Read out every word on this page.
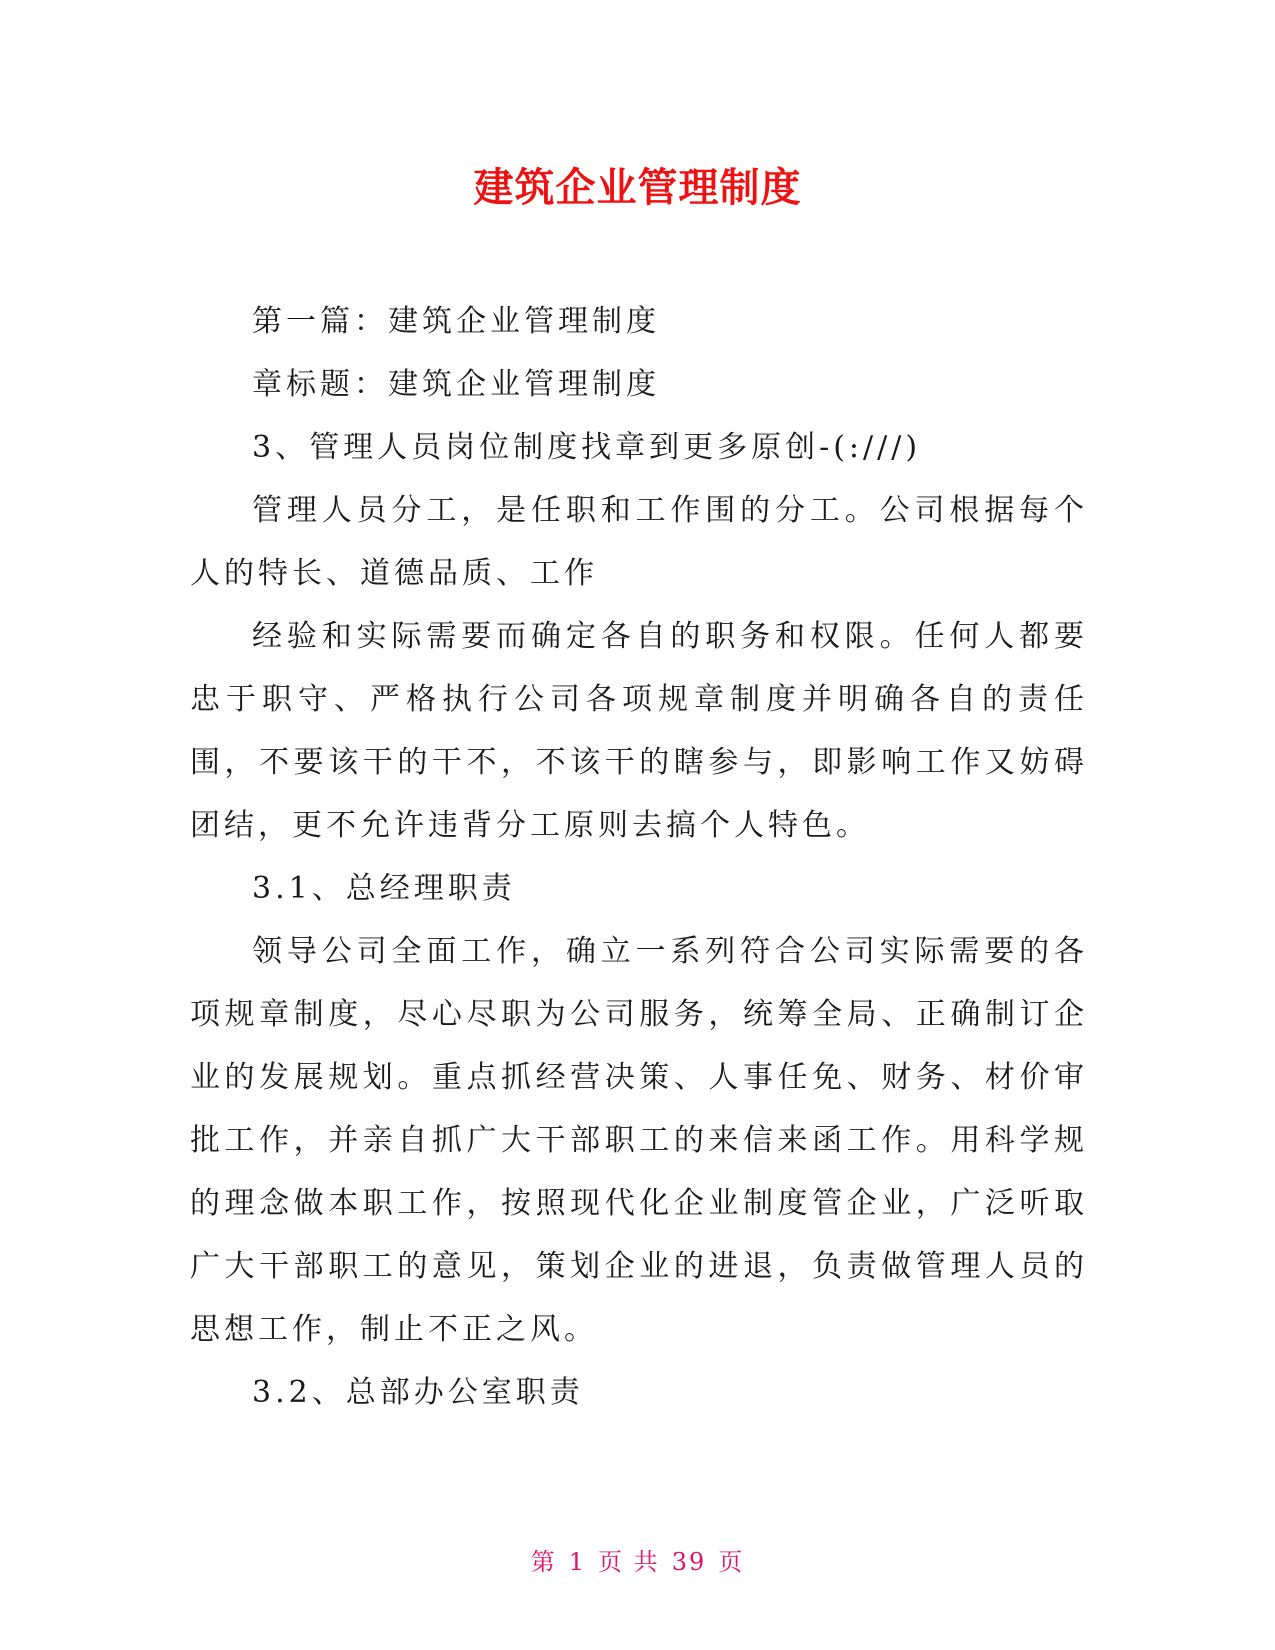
建筑企业管理制度

第一篇：建筑企业管理制度

章标题：建筑企业管理制度

3、管理人员岗位制度找章到更多原创-(:///)

管理人员分工，是任职和工作围的分工。公司根据每个人的特长、道德品质、工作

经验和实际需要而确定各自的职务和权限。任何人都要忠于职守、严格执行公司各项规章制度并明确各自的责任围，不要该干的干不，不该干的瞎参与，即影响工作又妨碍团结，更不允许违背分工原则去搞个人特色。

3.1、总经理职责

领导公司全面工作，确立一系列符合公司实际需要的各项规章制度，尽心尽职为公司服务，统筹全局、正确制订企业的发展规划。重点抓经营决策、人事任免、财务、材价审批工作，并亲自抓广大干部职工的来信来函工作。用科学规的理念做本职工作，按照现代化企业制度管企业，广泛听取广大干部职工的意见，策划企业的进退，负责做管理人员的思想工作，制止不正之风。

3.2、总部办公室职责

第 1 页 共 39 页
